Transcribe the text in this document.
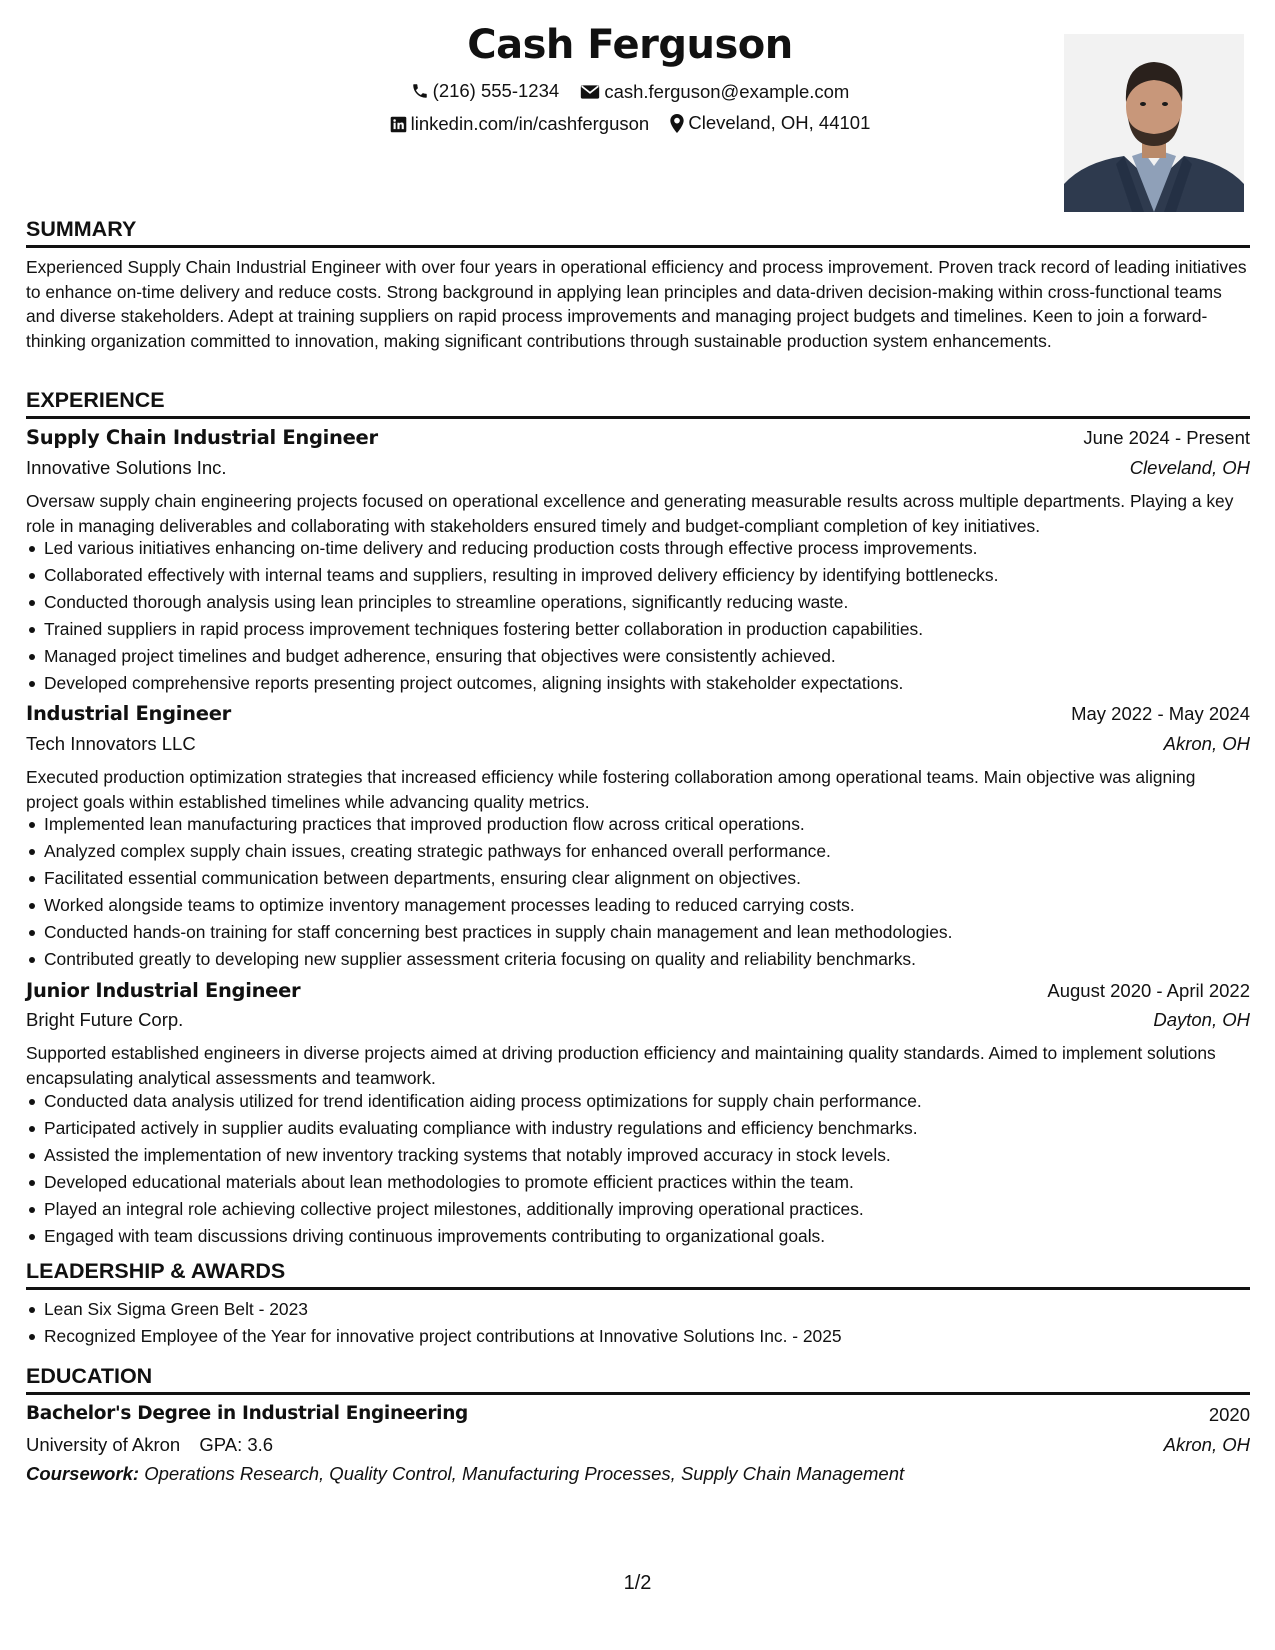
Cash Ferguson
(216) 555-1234
cash.ferguson@example.com
linkedin.com/in/cashferguson
Cleveland, OH, 44101
SUMMARY
Experienced Supply Chain Industrial Engineer with over four years in operational efficiency and process improvement. Proven track record of leading initiatives to enhance on-time delivery and reduce costs. Strong background in applying lean principles and data-driven decision-making within cross-functional teams and diverse stakeholders. Adept at training suppliers on rapid process improvements and managing project budgets and timelines. Keen to join a forward-thinking organization committed to innovation, making significant contributions through sustainable production system enhancements.
EXPERIENCE
Supply Chain Industrial Engineer	June 2024 - Present
Innovative Solutions Inc.	Cleveland, OH
Oversaw supply chain engineering projects focused on operational excellence and generating measurable results across multiple departments. Playing a key role in managing deliverables and collaborating with stakeholders ensured timely and budget-compliant completion of key initiatives.
Led various initiatives enhancing on-time delivery and reducing production costs through effective process improvements.
Collaborated effectively with internal teams and suppliers, resulting in improved delivery efficiency by identifying bottlenecks.
Conducted thorough analysis using lean principles to streamline operations, significantly reducing waste.
Trained suppliers in rapid process improvement techniques fostering better collaboration in production capabilities.
Managed project timelines and budget adherence, ensuring that objectives were consistently achieved.
Developed comprehensive reports presenting project outcomes, aligning insights with stakeholder expectations.
Industrial Engineer	May 2022 - May 2024
Tech Innovators LLC	Akron, OH
Executed production optimization strategies that increased efficiency while fostering collaboration among operational teams. Main objective was aligning project goals within established timelines while advancing quality metrics.
Implemented lean manufacturing practices that improved production flow across critical operations.
Analyzed complex supply chain issues, creating strategic pathways for enhanced overall performance.
Facilitated essential communication between departments, ensuring clear alignment on objectives.
Worked alongside teams to optimize inventory management processes leading to reduced carrying costs.
Conducted hands-on training for staff concerning best practices in supply chain management and lean methodologies.
Contributed greatly to developing new supplier assessment criteria focusing on quality and reliability benchmarks.
Junior Industrial Engineer	August 2020 - April 2022
Bright Future Corp.	Dayton, OH
Supported established engineers in diverse projects aimed at driving production efficiency and maintaining quality standards. Aimed to implement solutions encapsulating analytical assessments and teamwork.
Conducted data analysis utilized for trend identification aiding process optimizations for supply chain performance.
Participated actively in supplier audits evaluating compliance with industry regulations and efficiency benchmarks.
Assisted the implementation of new inventory tracking systems that notably improved accuracy in stock levels.
Developed educational materials about lean methodologies to promote efficient practices within the team.
Played an integral role achieving collective project milestones, additionally improving operational practices.
Engaged with team discussions driving continuous improvements contributing to organizational goals.
LEADERSHIP & AWARDS
Lean Six Sigma Green Belt - 2023
Recognized Employee of the Year for innovative project contributions at Innovative Solutions Inc. - 2025
EDUCATION
Bachelor's Degree in Industrial Engineering	2020
University of Akron GPA: 3.6	Akron, OH
Coursework: Operations Research, Quality Control, Manufacturing Processes, Supply Chain Management
1/2
